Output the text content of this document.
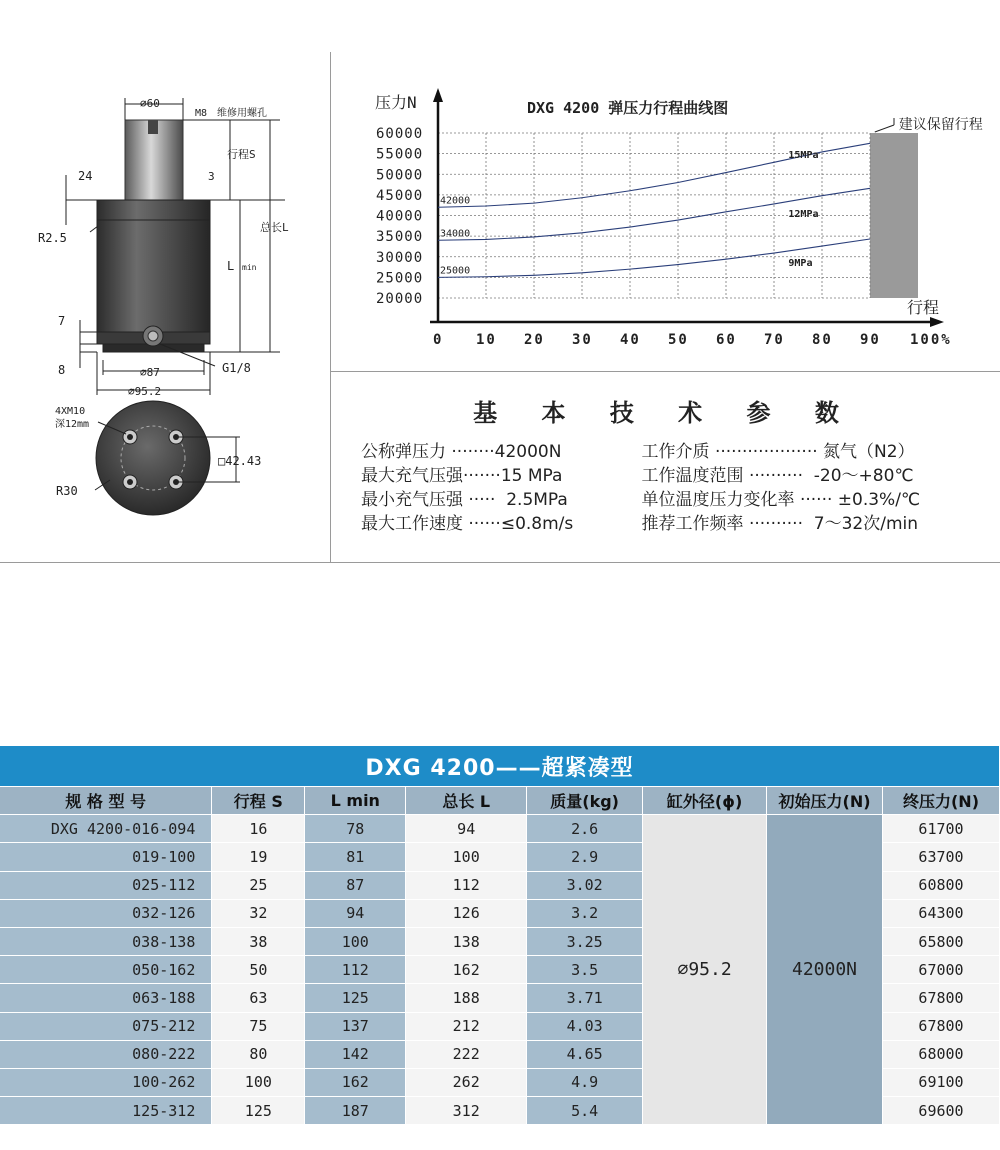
⌀60
M8 维修用螺孔
行程S
3
24
总长L
R2.5
L min
7
8	⌀87	G1/8
⌀95.2
4XM10
深12mm
□42.43
R30
60000
55000
50000
45000
40000
35000
30000
25000
20000
0 10 20 30 40 50 60 70 80 90 100%
DXG 4200 弹压力行程曲线图
压力N
行程
建议保留行程
42000
15MPa
34000
12MPa
25000
9MPa
基 本 技 术 参 数
公称弹压力 ········42000N	工作介质 ··················· 氮气（N2）
最大充气压强·······15 MPa	工作温度范围 ··········  -20～+80℃
最小充气压强 ·····  2.5MPa	单位温度压力变化率 ······ ±0.3%/℃
最大工作速度 ······≤0.8m/s	推荐工作频率 ··········  7～32次/min
DXG 4200——超紧凑型							
规 格 型 号	行程 S	L min	总长 L	质量(kg)	缸外径(ϕ)	初始压力(N)	终压力(N)
DXG 4200-016-094	16	78	94	2.6	⌀95.2	42000N	61700
019-100	19	81	100	2.9			63700
025-112	25	87	112	3.02			60800
032-126	32	94	126	3.2			64300
038-138	38	100	138	3.25			65800
050-162	50	112	162	3.5			67000
063-188	63	125	188	3.71			67800
075-212	75	137	212	4.03			67800
080-222	80	142	222	4.65			68000
100-262	100	162	262	4.9			69100
125-312	125	187	312	5.4			69600
